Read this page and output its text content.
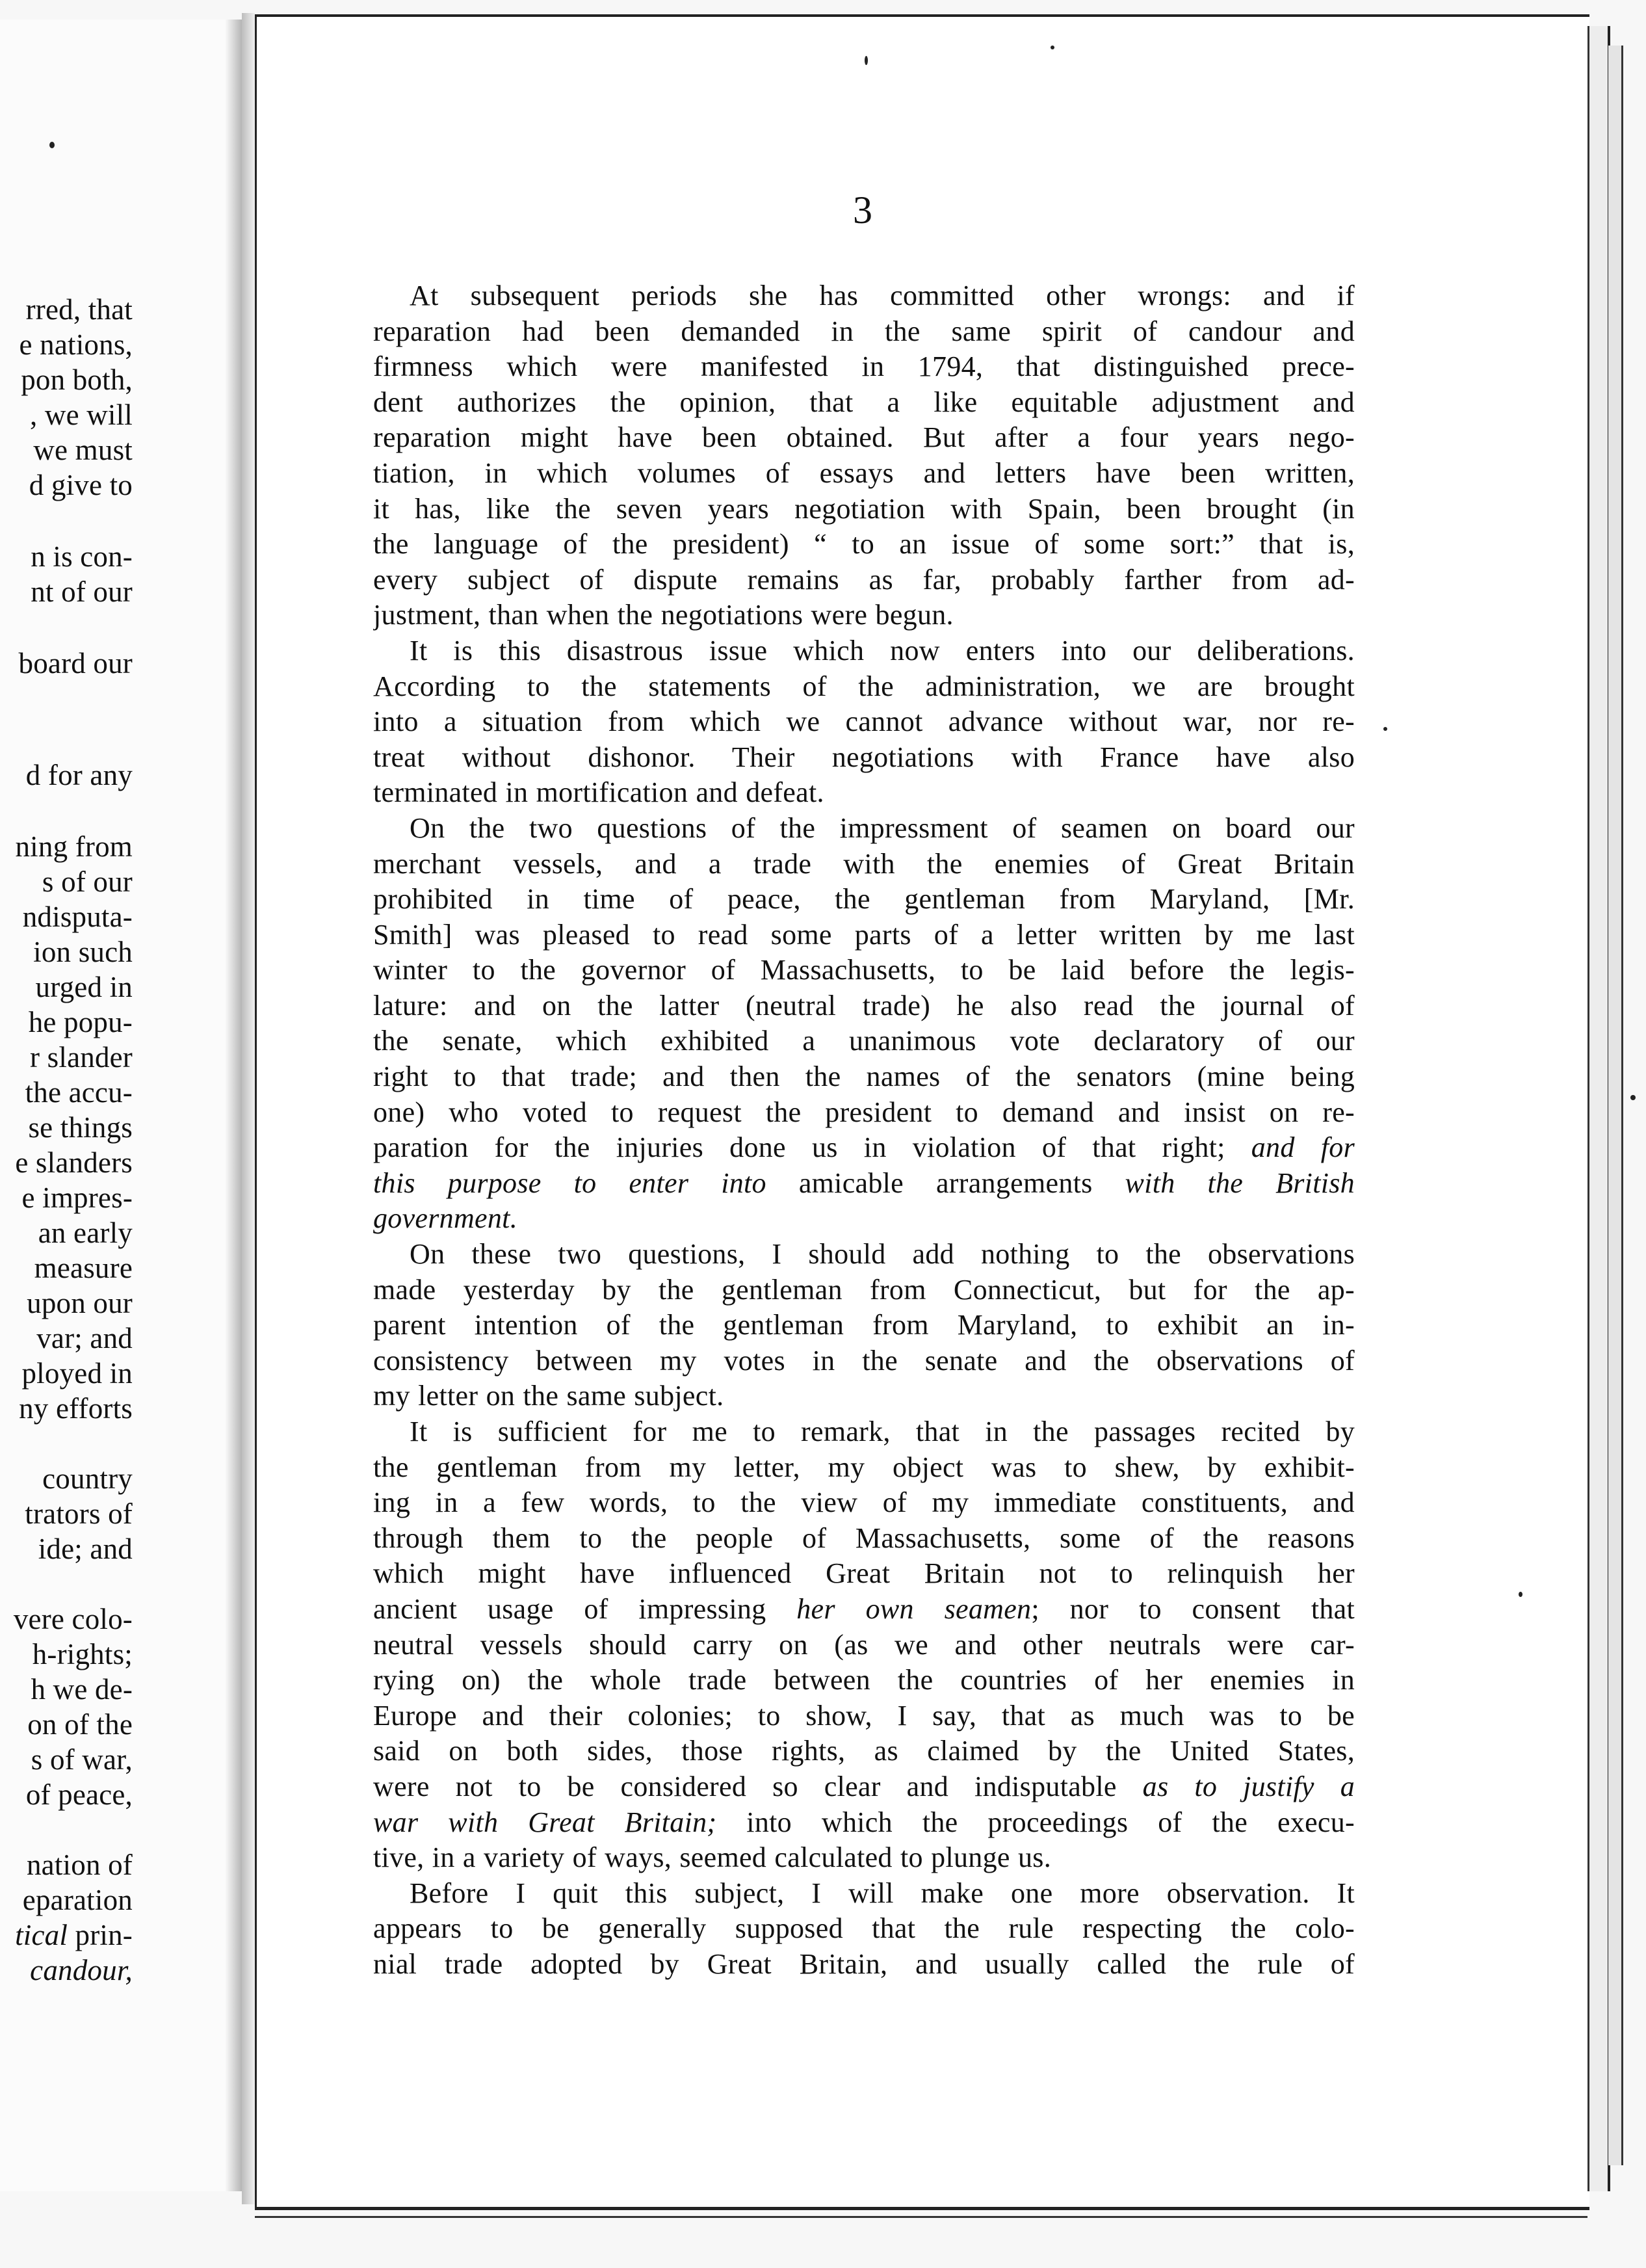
rred, that
e nations,
pon both,
, we will
we must
d give to
n is con-
nt of our
board our
d for any
ning from
s of our
ndisputa-
ion such
urged in
he popu-
r slander
the accu-
se things
e slanders
e impres-
an early
measure
upon our
var; and
ployed in
ny efforts
country
trators of
ide; and
vere colo-
h-rights;
h we de-
on of the
s of war,
of peace,
nation of
eparation
tical prin-
candour,
3
At subsequent periods she has committed other wrongs: and if
reparation had been demanded in the same spirit of candour and
firmness which were manifested in 1794, that distinguished prece-
dent authorizes the opinion, that a like equitable adjustment and
reparation might have been obtained. But after a four years nego-
tiation, in which volumes of essays and letters have been written,
it has, like the seven years negotiation with Spain, been brought (in
the language of the president) “ to an issue of some sort:” that is,
every subject of dispute remains as far, probably farther from ad-
justment, than when the negotiations were begun.
It is this disastrous issue which now enters into our deliberations.
According to the statements of the administration, we are brought
into a situation from which we cannot advance without war, nor re-
treat without dishonor. Their negotiations with France have also
terminated in mortification and defeat.
On the two questions of the impressment of seamen on board our
merchant vessels, and a trade with the enemies of Great Britain
prohibited in time of peace, the gentleman from Maryland, [Mr.
Smith] was pleased to read some parts of a letter written by me last
winter to the governor of Massachusetts, to be laid before the legis-
lature: and on the latter (neutral trade) he also read the journal of
the senate, which exhibited a unanimous vote declaratory of our
right to that trade; and then the names of the senators (mine being
one) who voted to request the president to demand and insist on re-
paration for the injuries done us in violation of that right; and for
this purpose to enter into amicable arrangements with the British
government.
On these two questions, I should add nothing to the observations
made yesterday by the gentleman from Connecticut, but for the ap-
parent intention of the gentleman from Maryland, to exhibit an in-
consistency between my votes in the senate and the observations of
my letter on the same subject.
It is sufficient for me to remark, that in the passages recited by
the gentleman from my letter, my object was to shew, by exhibit-
ing in a few words, to the view of my immediate constituents, and
through them to the people of Massachusetts, some of the reasons
which might have influenced Great Britain not to relinquish her
ancient usage of impressing her own seamen; nor to consent that
neutral vessels should carry on (as we and other neutrals were car-
rying on) the whole trade between the countries of her enemies in
Europe and their colonies; to show, I say, that as much was to be
said on both sides, those rights, as claimed by the United States,
were not to be considered so clear and indisputable as to justify a
war with Great Britain; into which the proceedings of the execu-
tive, in a variety of ways, seemed calculated to plunge us.
Before I quit this subject, I will make one more observation. It
appears to be generally supposed that the rule respecting the colo-
nial trade adopted by Great Britain, and usually called the rule of
